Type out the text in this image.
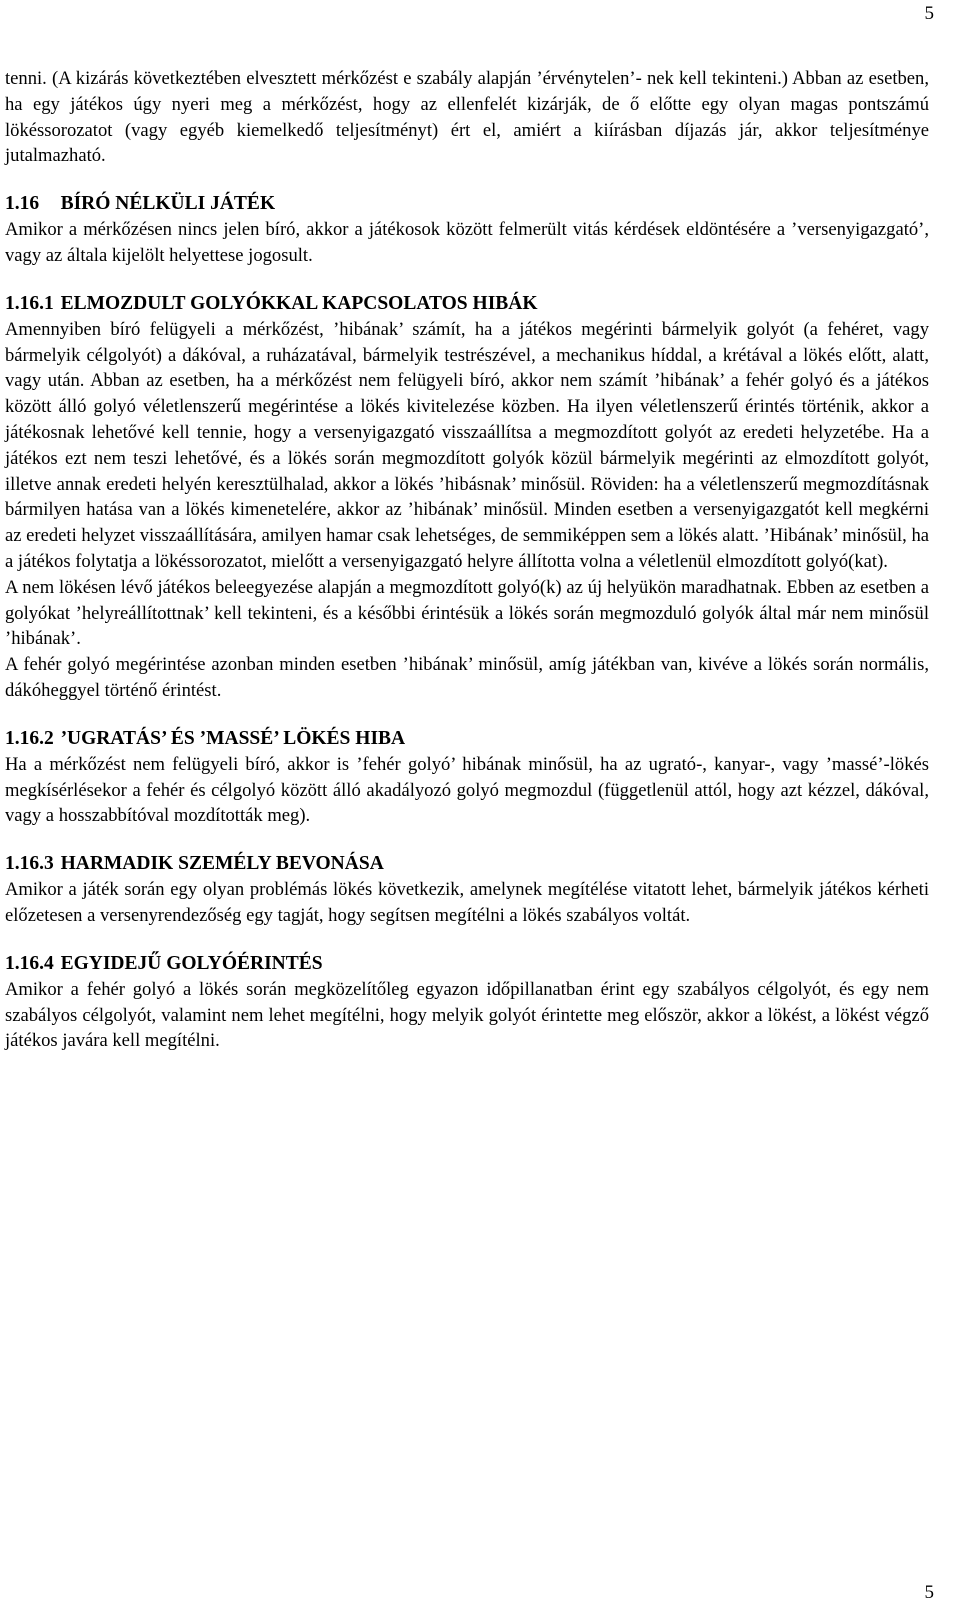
5

tenni. (A kizárás következtében elvesztett mérkőzést e szabály alapján ’érvénytelen’- nek kell tekinteni.) Abban az esetben, ha egy játékos úgy nyeri meg a mérkőzést, hogy az ellenfelét kizárják, de ő előtte egy olyan magas pontszámú lökéssorozatot (vagy egyéb kiemelkedő teljesítményt) ért el, amiért a kiírásban díjazás jár, akkor teljesítménye jutalmazható.

1.16 BÍRÓ NÉLKÜLI JÁTÉK

Amikor a mérkőzésen nincs jelen bíró, akkor a játékosok között felmerült vitás kérdések eldöntésére a ’versenyigazgató’, vagy az általa kijelölt helyettese jogosult.

1.16.1 ELMOZDULT GOLYÓKKAL KAPCSOLATOS HIBÁK

Amennyiben bíró felügyeli a mérkőzést, ’hibának’ számít, ha a játékos megérinti bármelyik golyót (a fehéret, vagy bármelyik célgolyót) a dákóval, a ruházatával, bármelyik testrészével, a mechanikus híddal, a krétával a lökés előtt, alatt, vagy után. Abban az esetben, ha a mérkőzést nem felügyeli bíró, akkor nem számít ’hibának’ a fehér golyó és a játékos között álló golyó véletlenszerű megérintése a lökés kivitelezése közben. Ha ilyen véletlenszerű érintés történik, akkor a játékosnak lehetővé kell tennie, hogy a versenyigazgató visszaállítsa a megmozdított golyót az eredeti helyzetébe. Ha a játékos ezt nem teszi lehetővé, és a lökés során megmozdított golyók közül bármelyik megérinti az elmozdított golyót, illetve annak eredeti helyén keresztülhalad, akkor a lökés ’hibásnak’ minősül. Röviden: ha a véletlenszerű megmozdításnak bármilyen hatása van a lökés kimenetelére, akkor az ’hibának’ minősül. Minden esetben a versenyigazgatót kell megkérni az eredeti helyzet visszaállítására, amilyen hamar csak lehetséges, de semmiképpen sem a lökés alatt. ’Hibának’ minősül, ha a játékos folytatja a lökéssorozatot, mielőtt a versenyigazgató helyre állította volna a véletlenül elmozdított golyó(kat).

A nem lökésen lévő játékos beleegyezése alapján a megmozdított golyó(k) az új helyükön maradhatnak. Ebben az esetben a golyókat ’helyreállítottnak’ kell tekinteni, és a későbbi érintésük a lökés során megmozduló golyók által már nem minősül ’hibának’.

A fehér golyó megérintése azonban minden esetben ’hibának’ minősül, amíg játékban van, kivéve a lökés során normális, dákóheggyel történő érintést.

1.16.2 ’UGRATÁS’ ÉS ’MASSÉ’ LÖKÉS HIBA

Ha a mérkőzést nem felügyeli bíró, akkor is ’fehér golyó’ hibának minősül, ha az ugrató-, kanyar-, vagy ’massé’-lökés megkísérlésekor a fehér és célgolyó között álló akadályozó golyó megmozdul (függetlenül attól, hogy azt kézzel, dákóval, vagy a hosszabbítóval mozdították meg).

1.16.3 HARMADIK SZEMÉLY BEVONÁSA

Amikor a játék során egy olyan problémás lökés következik, amelynek megítélése vitatott lehet, bármelyik játékos kérheti előzetesen a versenyrendezőség egy tagját, hogy segítsen megítélni a lökés szabályos voltát.

1.16.4 EGYIDEJŰ GOLYÓÉRINTÉS

Amikor a fehér golyó a lökés során megközelítőleg egyazon időpillanatban érint egy szabályos célgolyót, és egy nem szabályos célgolyót, valamint nem lehet megítélni, hogy melyik golyót érintette meg először, akkor a lökést, a lökést végző játékos javára kell megítélni.

5
